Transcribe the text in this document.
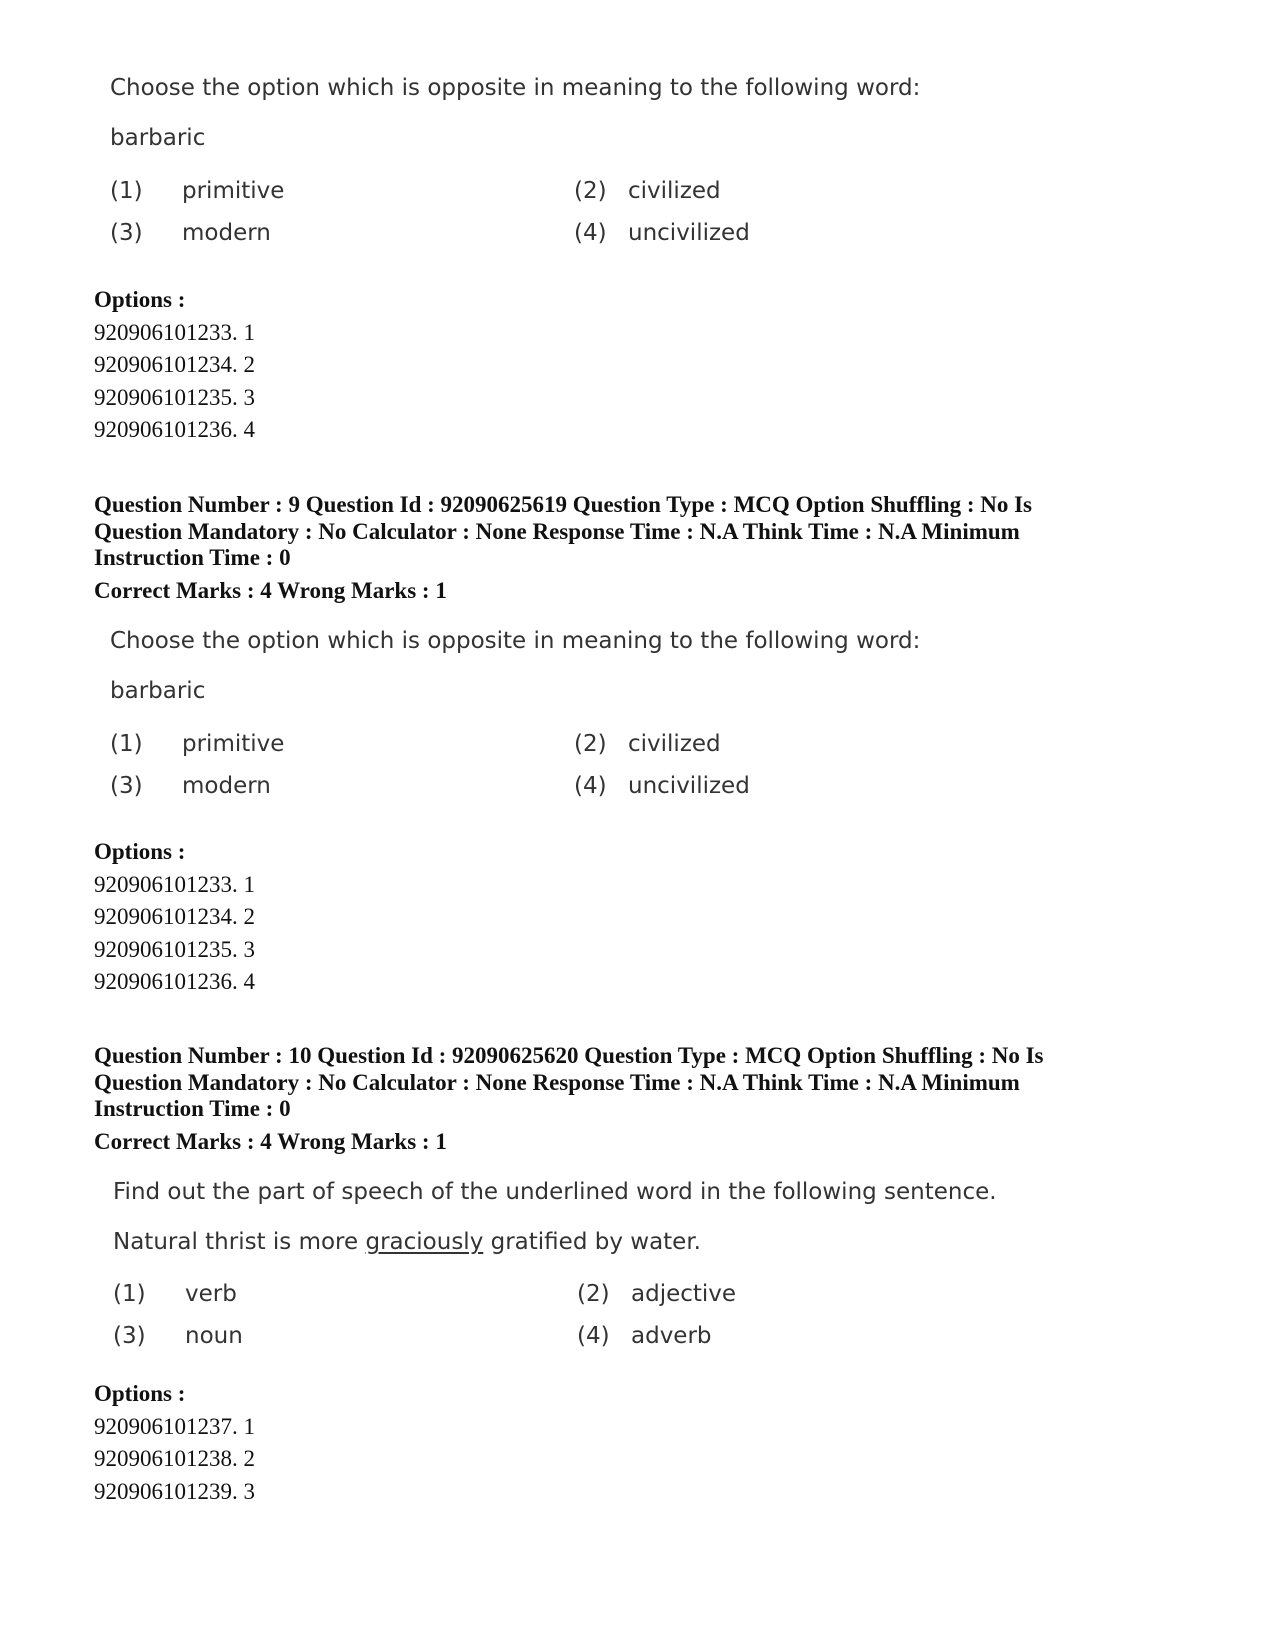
Choose the option which is opposite in meaning to the following word:

barbaric

(1)	primitive	(2) civilized
(3)	modern	(4) uncivilized
Options :
920906101233. 1
920906101234. 2
920906101235. 3
920906101236. 4
Question Number : 9 Question Id : 92090625619 Question Type : MCQ Option Shuffling : No Is
Question Mandatory : No Calculator : None Response Time : N.A Think Time : N.A Minimum
Instruction Time : 0
Correct Marks : 4 Wrong Marks : 1

Choose the option which is opposite in meaning to the following word:

barbaric

(1)	primitive	(2) civilized
(3)	modern	(4) uncivilized
Options :
920906101233. 1
920906101234. 2
920906101235. 3
920906101236. 4
Question Number : 10 Question Id : 92090625620 Question Type : MCQ Option Shuffling : No Is
Question Mandatory : No Calculator : None Response Time : N.A Think Time : N.A Minimum
Instruction Time : 0
Correct Marks : 4 Wrong Marks : 1

Find out the part of speech of the underlined word in the following sentence.

Natural thrist is more graciously gratified by water.

(1)	verb	(2) adjective
(3)	noun	(4) adverb
Options :
920906101237. 1
920906101238. 2
920906101239. 3
